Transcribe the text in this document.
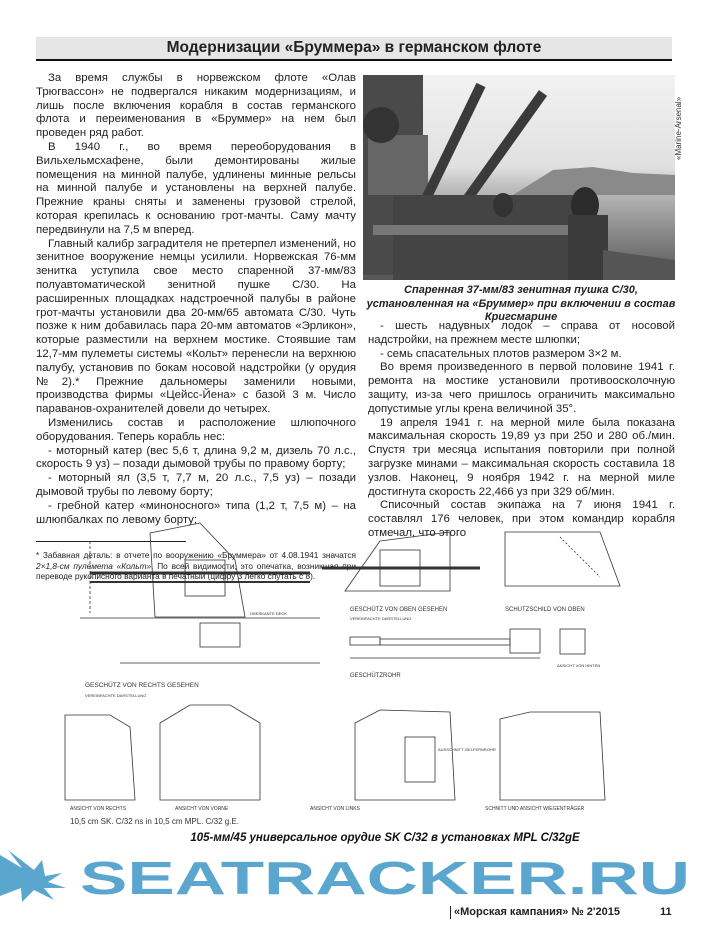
Модернизации «Бруммера» в германском флоте

За время службы в норвежском флоте «Олав Трюгвассон» не подвергался никаким модернизациям, и лишь после включения корабля в состав германского флота и переименования в «Бруммер» на нем был проведен ряд работ.

В 1940 г., во время переоборудования в Вильхельмсхафене, были демонтированы жилые помещения на минной палубе, удлинены минные рельсы на минной палубе и установлены на верхней палубе. Прежние краны сняты и заменены грузовой стрелой, которая крепилась к основанию грот-мачты. Саму мачту передвинули на 7,5 м вперед.

Главный калибр заградителя не претерпел изменений, но зенитное вооружение немцы усилили. Норвежская 76-мм зенитка уступила свое место спаренной 37-мм/83 полуавтоматической зенитной пушке С/30. На расширенных площадках надстроечной палубы в районе грот-мачты установили два 20-мм/65 автомата С/30. Чуть позже к ним добавилась пара 20-мм автоматов «Эрликон», которые разместили на верхнем мостике. Стоявшие там 12,7-мм пулеметы системы «Кольт» перенесли на верхнюю палубу, установив по бокам носовой надстройки (у орудия №2).* Прежние дальномеры заменили новыми, производства фирмы «Цейсс-Йена» с базой 3 м. Число параванов-охранителей довели до четырех.

Изменились состав и расположение шлюпочного оборудования. Теперь корабль нес:

- моторный катер (вес 5,6 т, длина 9,2 м, дизель 70 л.с., скорость 9 уз) – позади дымовой трубы по правому борту;

- моторный ял (3,5 т, 7,7 м, 20 л.с., 7,5 уз) – позади дымовой трубы по левому борту;

- гребной катер «миноносного» типа (1,2 т, 7,5 м) – на шлюпбалках по левому борту;

* Забавная деталь: в отчете по вооружению «Бруммера» от 4.08.1941 значатся 2×1,8-см пулемета «Кольт». По всей видимости, это опечатка, возникшая при переводе рукописного варианта в печатный (цифру 3 легко спутать с 8).

«Marine-Arsenal»
Спаренная 37-мм/83 зенитная пушка С/30, установленная на «Бруммер» при включении в состав Кригсмарине

- шесть надувных лодок – справа от носовой надстройки, на прежнем месте шлюпки;

- семь спасательных плотов размером 3×2 м.

Во время произведенного в первой половине 1941 г. ремонта на мостике установили противоосколочную защиту, из-за чего пришлось ограничить максимально допустимые углы крена величиной 35°.

19 апреля 1941 г. на мерной миле была показана максимальная скорость 19,89 уз при 250 и 280 об./мин. Спустя три месяца испытания повторили при полной загрузке минами – максимальная скорость составила 18 узлов. Наконец, 9 ноября 1942 г. на мерной миле достигнута скорость 22,466 уз при 329 об/мин.

Списочный состав экипажа на 7 июня 1941 г. составлял 176 человек, при этом командир корабля отмечал, что этого

OBERKANTE DECK
GESCHÜTZ VON RECHTS GESEHEN
VEREINFACHTE DARSTELLUNG
GESCHÜTZ VON OBEN GESEHEN
VEREINFACHTE DARSTELLUNG
SCHUTZSCHILD VON OBEN
GESCHÜTZROHR
ANSICHT VON HINTEN
AUSSCHNITT ZIELFERNROHR
ANSICHT VON RECHTS	ANSICHT VON VORNE	ANSICHT VON LINKS	SCHNITT UND ANSICHT WIEGENTRÄGER
10,5 cm SK. C/32 ns in 10,5 cm MPL. C/32 g.E.
105-мм/45 универсальное орудие SK C/32 в установках MPL C/32gE
SEATRACKER.RU
«Морская кампания» № 2'2015	11
